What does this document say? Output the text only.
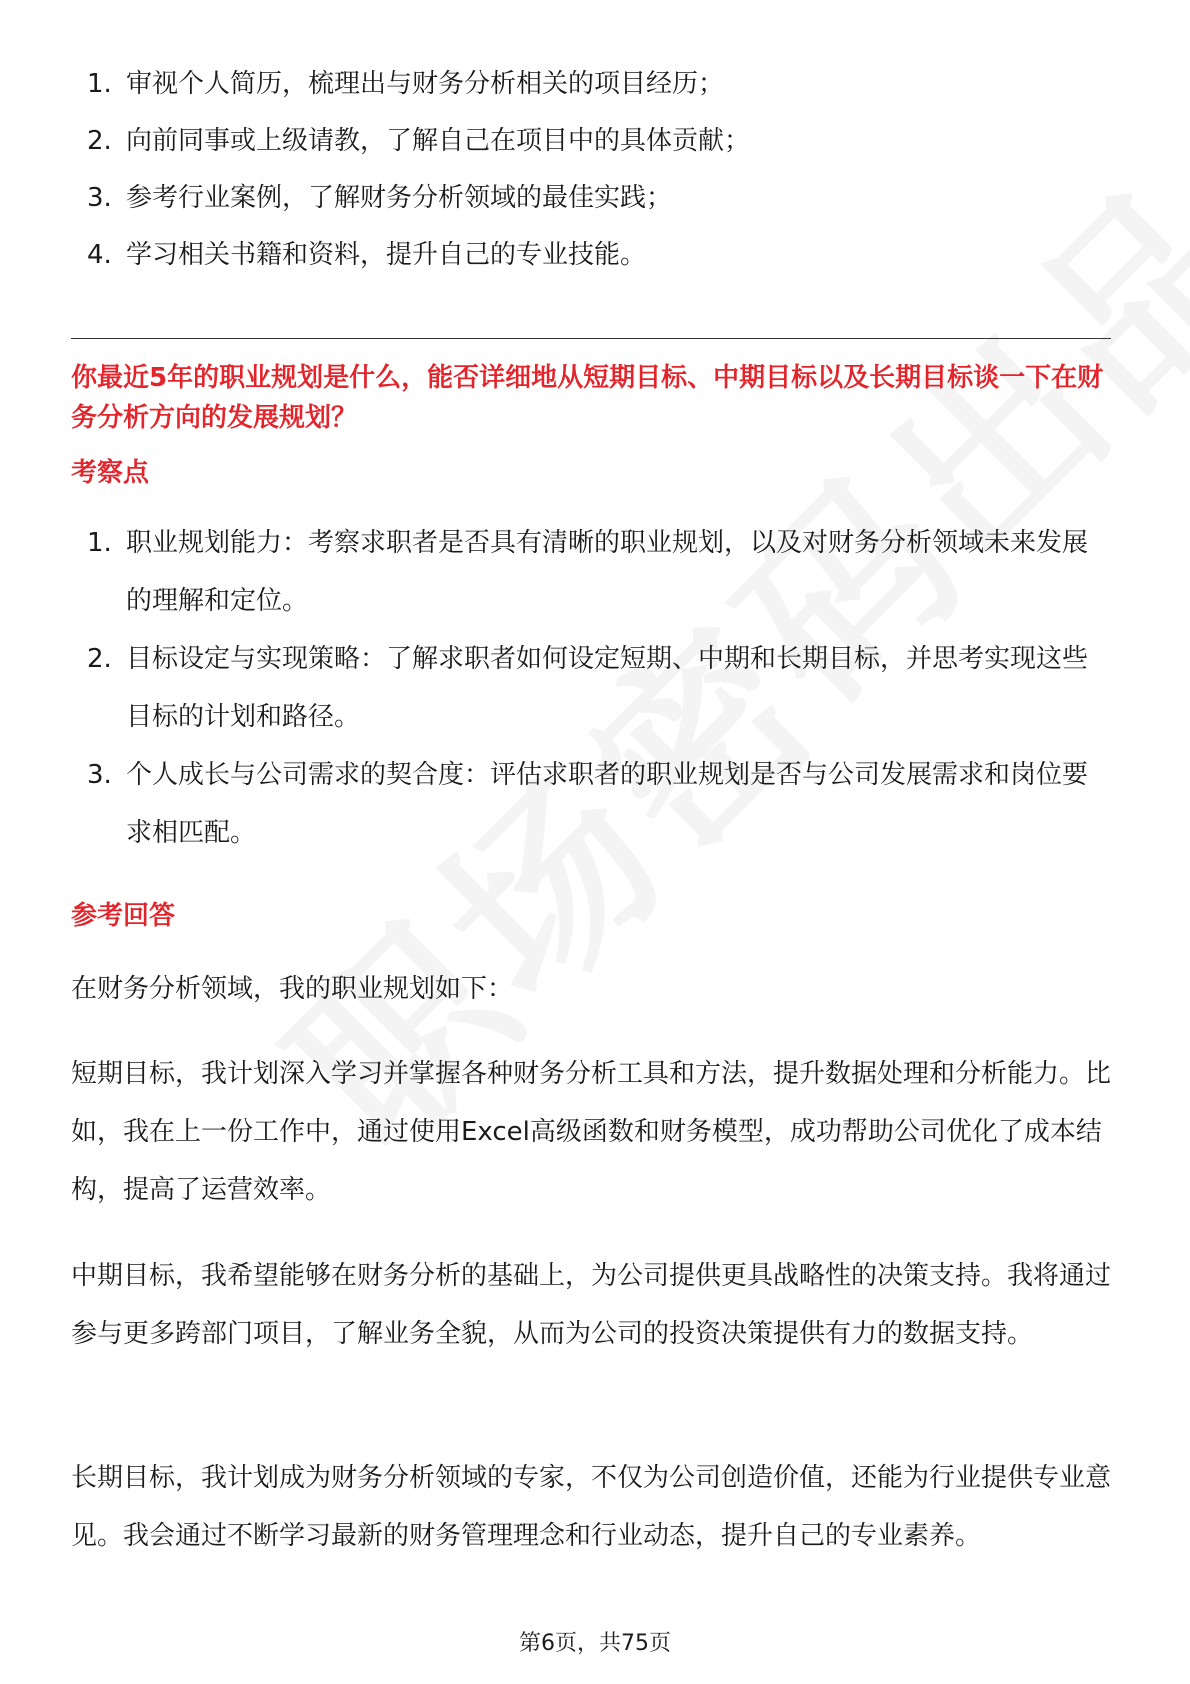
1. 审视个人简历，梳理出与财务分析相关的项目经历；
2. 向前同事或上级请教，了解自己在项目中的具体贡献；
3. 参考行业案例，了解财务分析领域的最佳实践；
4. 学习相关书籍和资料，提升自己的专业技能。
你最近5年的职业规划是什么，能否详细地从短期目标、中期目标以及长期目标谈一下在财务分析方向的发展规划？
考察点
1. 职业规划能力：考察求职者是否具有清晰的职业规划，以及对财务分析领域未来发展的理解和定位。
2. 目标设定与实现策略：了解求职者如何设定短期、中期和长期目标，并思考实现这些目标的计划和路径。
3. 个人成长与公司需求的契合度：评估求职者的职业规划是否与公司发展需求和岗位要求相匹配。
参考回答

在财务分析领域，我的职业规划如下：

短期目标，我计划深入学习并掌握各种财务分析工具和方法，提升数据处理和分析能力。比如，我在上一份工作中，通过使用Excel高级函数和财务模型，成功帮助公司优化了成本结构，提高了运营效率。

中期目标，我希望能够在财务分析的基础上，为公司提供更具战略性的决策支持。我将通过参与更多跨部门项目，了解业务全貌，从而为公司的投资决策提供有力的数据支持。

长期目标，我计划成为财务分析领域的专家，不仅为公司创造价值，还能为行业提供专业意见。我会通过不断学习最新的财务管理理念和行业动态，提升自己的专业素养。

第6页，共75页
